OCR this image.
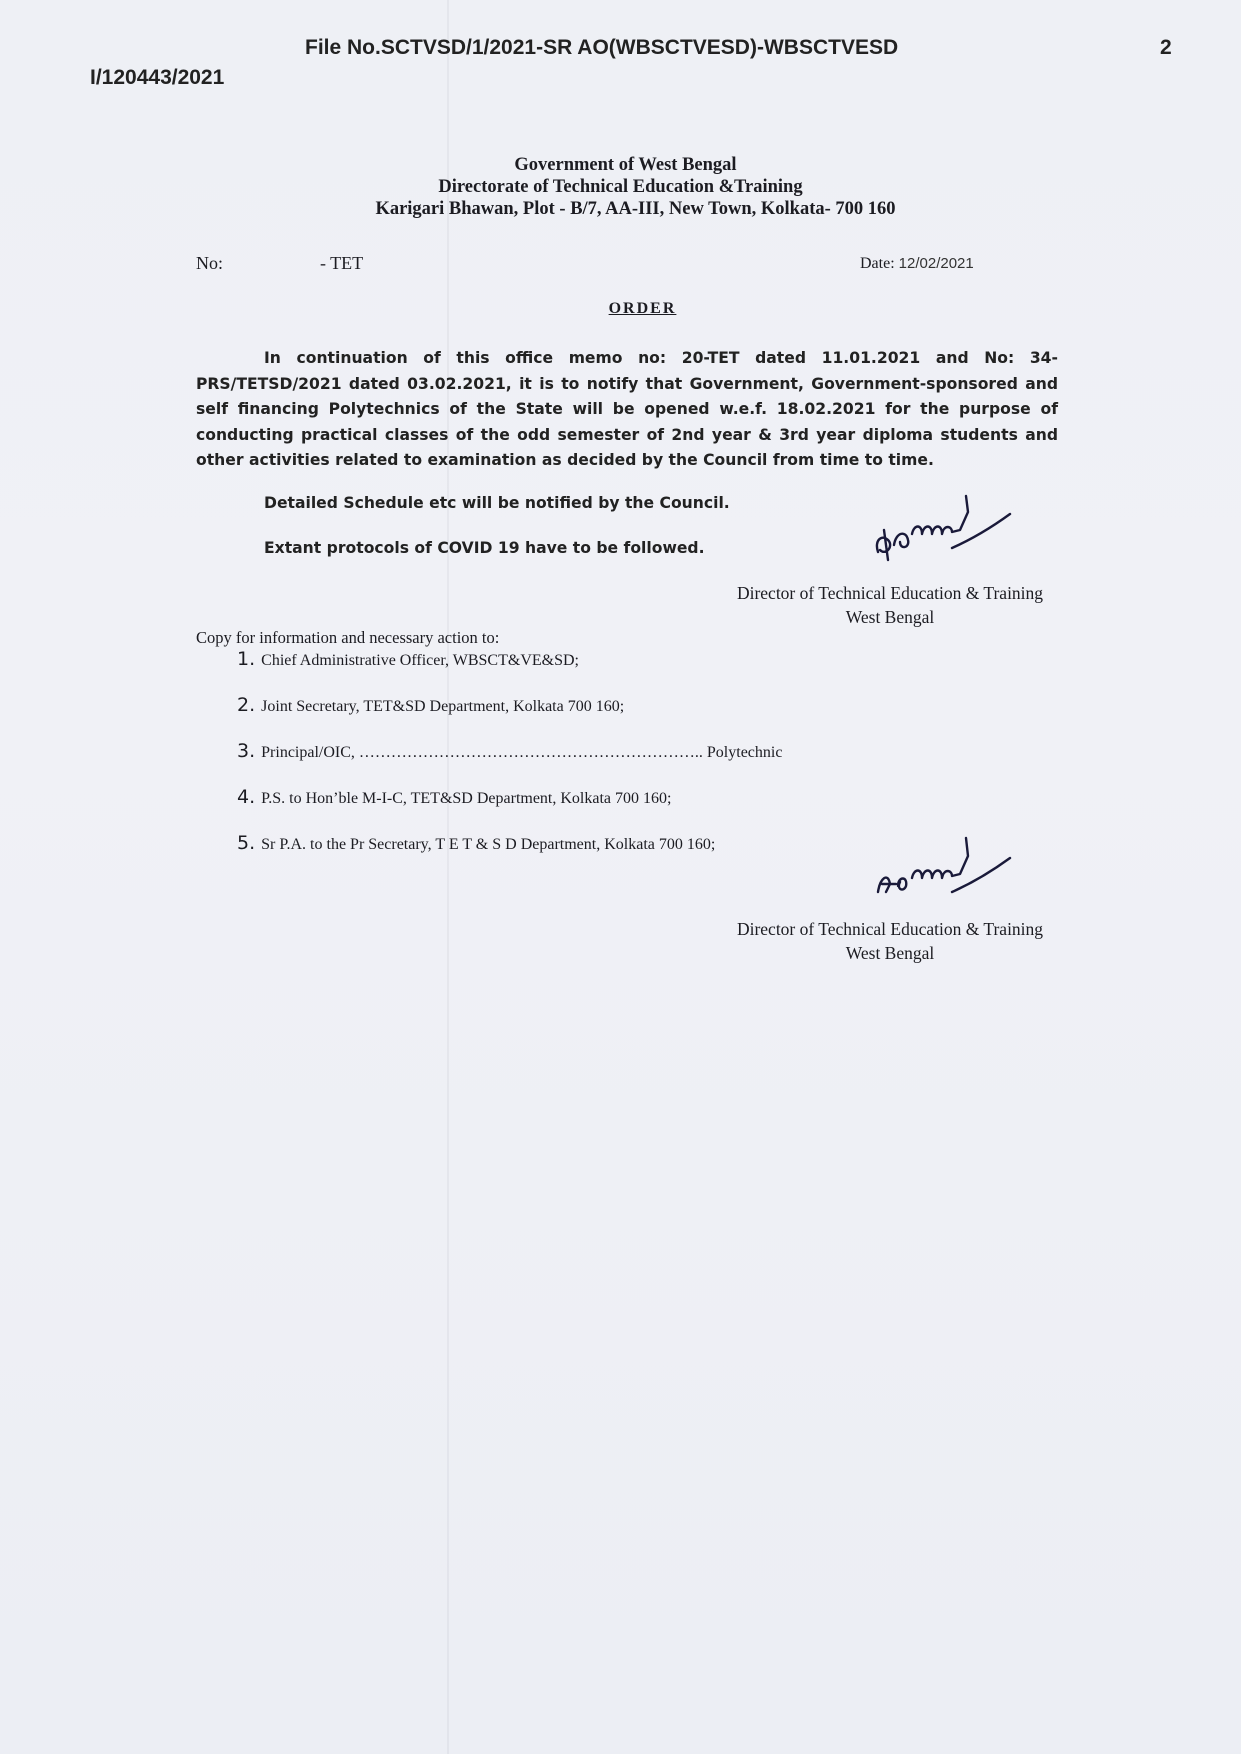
File No.SCTVSD/1/2021-SR AO(WBSCTVESD)-WBSCTVESD	2
I/120443/2021
Government of West Bengal
Directorate of Technical Education &Training
Karigari Bhawan, Plot - B/7, AA-III, New Town, Kolkata- 700 160
No:	- TET	Date: 12/02/2021
ORDER
In continuation of this office memo no: 20-TET dated 11.01.2021 and No: 34-PRS/TETSD/2021 dated 03.02.2021, it is to notify that Government, Government-sponsored and self financing Polytechnics of the State will be opened w.e.f. 18.02.2021 for the purpose of conducting practical classes of the odd semester of 2nd year & 3rd year diploma students and other activities related to examination as decided by the Council from time to time.
Detailed Schedule etc will be notified by the Council.
Extant protocols of COVID 19 have to be followed.
Director of Technical Education & Training
West Bengal
Copy for information and necessary action to:
1. Chief Administrative Officer, WBSCT&VE&SD;
2. Joint Secretary, TET&SD Department, Kolkata 700 160;
3. Principal/OIC, ……………………………………………………….. Polytechnic
4. P.S. to Hon’ble M-I-C, TET&SD Department, Kolkata 700 160;
5. Sr P.A. to the Pr Secretary, T E T & S D Department, Kolkata 700 160;
Director of Technical Education & Training
West Bengal
